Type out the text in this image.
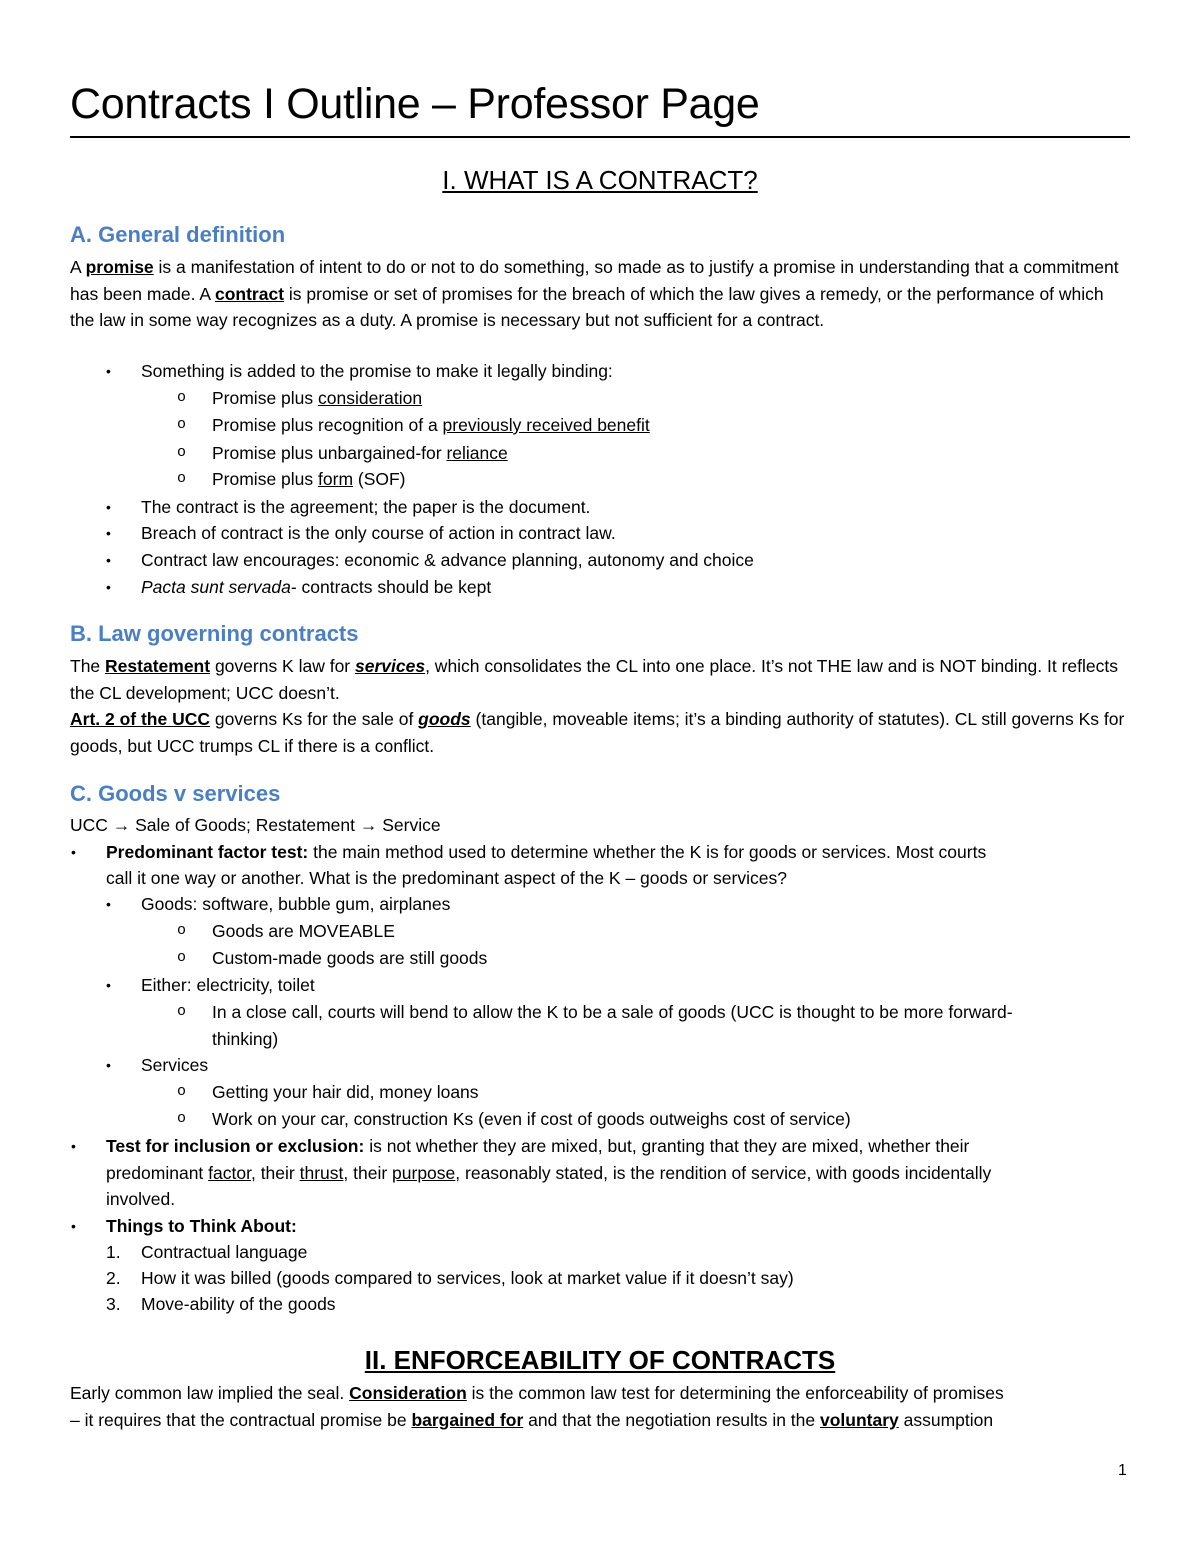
Contracts I Outline – Professor Page
I. WHAT IS A CONTRACT?
A. General definition
A promise is a manifestation of intent to do or not to do something, so made as to justify a promise in understanding that a commitment has been made. A contract is promise or set of promises for the breach of which the law gives a remedy, or the performance of which the law in some way recognizes as a duty. A promise is necessary but not sufficient for a contract.
• Something is added to the promise to make it legally binding:
o Promise plus consideration
o Promise plus recognition of a previously received benefit
o Promise plus unbargained-for reliance
o Promise plus form (SOF)
• The contract is the agreement; the paper is the document.
• Breach of contract is the only course of action in contract law.
• Contract law encourages: economic & advance planning, autonomy and choice
• Pacta sunt servada- contracts should be kept
B. Law governing contracts
The Restatement governs K law for services, which consolidates the CL into one place. It’s not THE law and is NOT binding. It reflects the CL development; UCC doesn’t.
Art. 2 of the UCC governs Ks for the sale of goods (tangible, moveable items; it’s a binding authority of statutes). CL still governs Ks for goods, but UCC trumps CL if there is a conflict.
C. Goods v services
UCC → Sale of Goods; Restatement → Service
• Predominant factor test: the main method used to determine whether the K is for goods or services. Most courts
call it one way or another. What is the predominant aspect of the K – goods or services?
• Goods: software, bubble gum, airplanes
o Goods are MOVEABLE
o Custom-made goods are still goods
• Either: electricity, toilet
o In a close call, courts will bend to allow the K to be a sale of goods (UCC is thought to be more forward-
thinking)
• Services
o Getting your hair did, money loans
o Work on your car, construction Ks (even if cost of goods outweighs cost of service)
• Test for inclusion or exclusion: is not whether they are mixed, but, granting that they are mixed, whether their
predominant factor, their thrust, their purpose, reasonably stated, is the rendition of service, with goods incidentally
involved.
• Things to Think About:
1. Contractual language
2. How it was billed (goods compared to services, look at market value if it doesn’t say)
3. Move-ability of the goods
II. ENFORCEABILITY OF CONTRACTS
Early common law implied the seal. Consideration is the common law test for determining the enforceability of promises
– it requires that the contractual promise be bargained for and that the negotiation results in the voluntary assumption
1
